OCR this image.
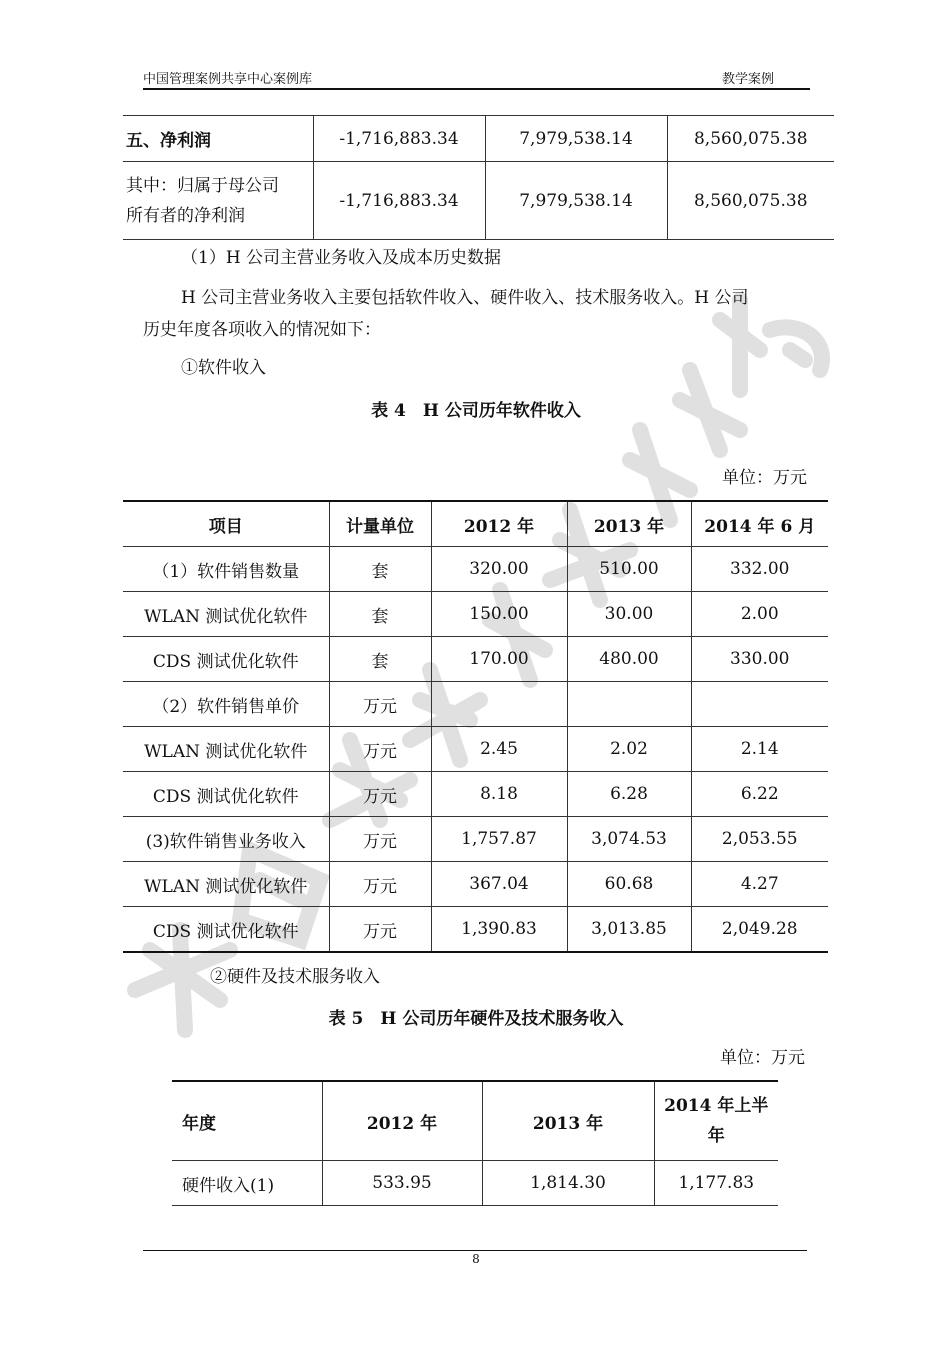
中国管理案例共享中心案例库	教学案例
五、净利润	-1,716,883.34	7,979,538.14	8,560,075.38
其中：归属于母公司
所有者的净利润	-1,716,883.34	7,979,538.14	8,560,075.38
（1）H 公司主营业务收入及成本历史数据
H 公司主营业务收入主要包括软件收入、硬件收入、技术服务收入。H 公司
历史年度各项收入的情况如下：
①软件收入
表 4　H 公司历年软件收入
单位：万元
项目	计量单位	2012 年	2013 年	2014 年 6 月
（1）软件销售数量	套	320.00	510.00	332.00
WLAN 测试优化软件	套	150.00	30.00	2.00
CDS 测试优化软件	套	170.00	480.00	330.00
（2）软件销售单价	万元			
WLAN 测试优化软件	万元	2.45	2.02	2.14
CDS 测试优化软件	万元	8.18	6.28	6.22
(3)软件销售业务收入	万元	1,757.87	3,074.53	2,053.55
WLAN 测试优化软件	万元	367.04	60.68	4.27
CDS 测试优化软件	万元	1,390.83	3,013.85	2,049.28
②硬件及技术服务收入
表 5　H 公司历年硬件及技术服务收入
单位：万元
年度	2012 年	2013 年	2014 年上半
年
硬件收入(1)	533.95	1,814.30	1,177.83
8
